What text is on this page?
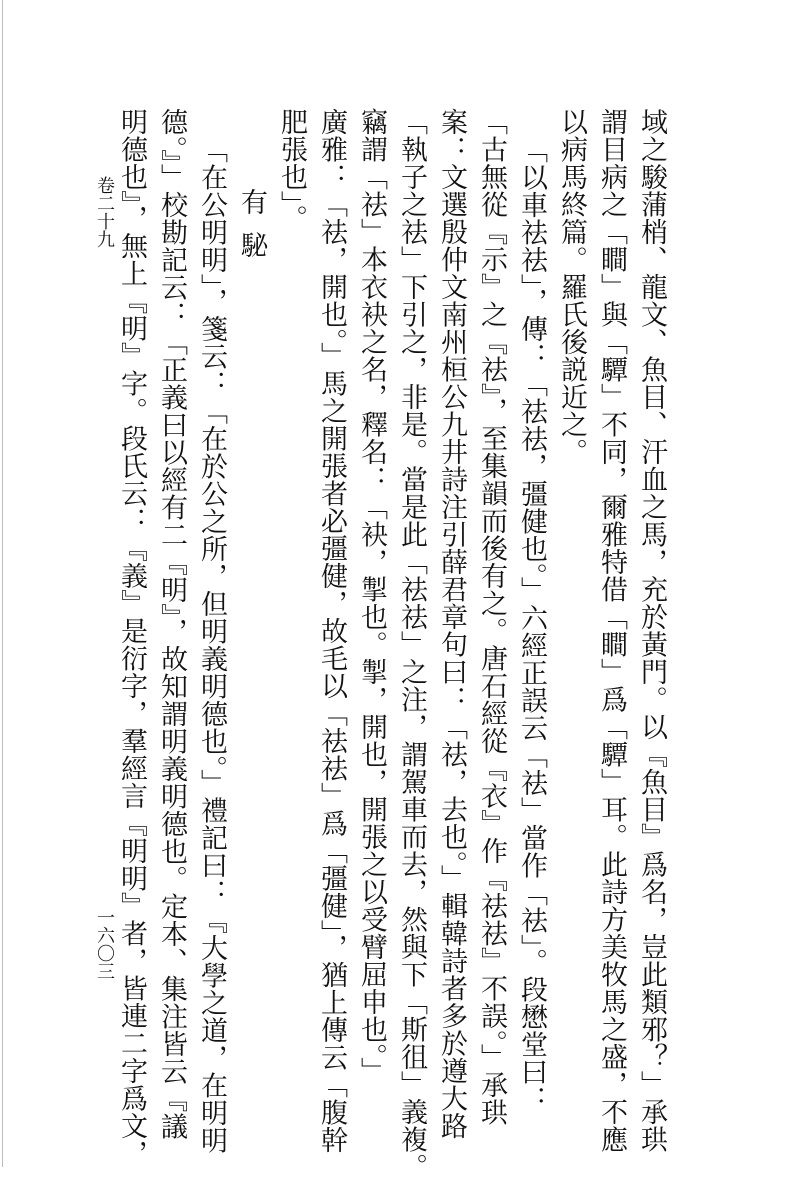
域之駿蒲梢、龍文、魚目、汗血之馬，充於黃門。以『魚目』爲名，豈此類邪？」承珙
謂目病之「瞷」與「驔」不同，爾雅特借「瞷」爲「驔」耳。此詩方美牧馬之盛，不應
以病馬終篇。羅氏後説近之。
「以車祛祛」，傳：「祛祛，彊健也。」六經正誤云「祛」當作「祛」。段懋堂曰：
「古無從『示』之『祛』，至集韻而後有之。唐石經從『衣』作『祛祛』不誤。」承珙
案：文選殷仲文南州桓公九井詩注引薛君章句曰：「祛，去也。」輯韓詩者多於遵大路
「執子之祛」下引之，非是。當是此「祛祛」之注，謂駕車而去，然與下「斯徂」義複。
竊謂「祛」本衣袂之名，釋名：「袂，掣也。掣，開也，開張之以受臂屈申也。」
廣雅：「祛，開也。」馬之開張者必彊健，故毛以「祛祛」爲「彊健」，猶上傳云「腹幹
肥張也」。
有駜
「在公明明」，箋云：「在於公之所，但明義明德也。」禮記曰：『大學之道，在明明
德。』」校勘記云：「正義曰以經有二『明』，故知謂明義明德也。定本、集注皆云『議
明德也』，無上『明』字。段氏云：『義』是衍字，羣經言『明明』者，皆連二字爲文，
卷二十九
一六〇三
